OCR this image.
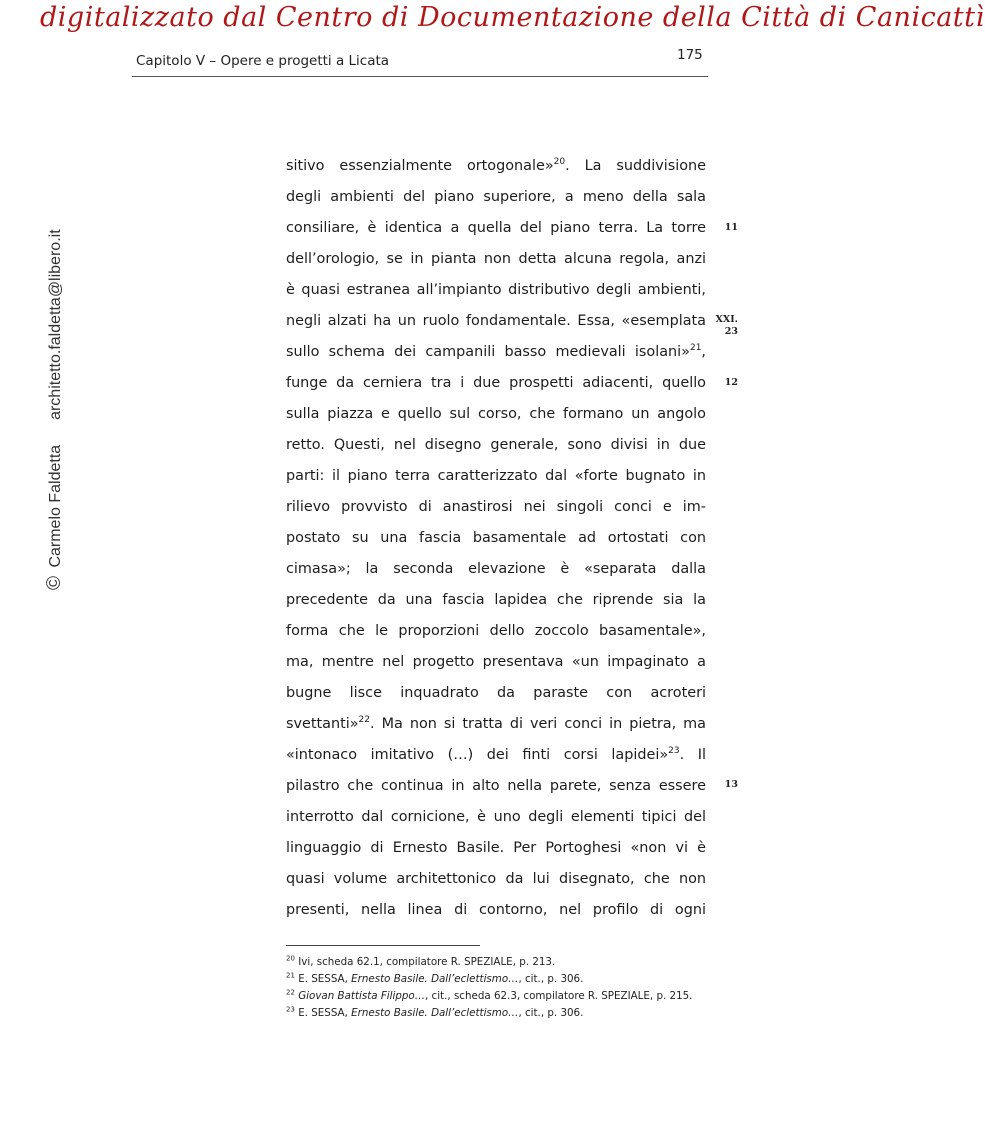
digitalizzato dal Centro di Documentazione della Città di Canicattì
Capitolo V – Opere e progetti a Licata	175
© Carmelo Faldetta  architetto.faldetta@libero.it
sitivo essenzialmente ortogonale»$^{20}$. La suddivisione
degli ambienti del piano superiore, a meno della sala
consiliare, è identica a quella del piano terra. La torre
dell’orologio, se in pianta non detta alcuna regola, anzi
è quasi estranea all’impianto distributivo degli ambienti,
negli alzati ha un ruolo fondamentale. Essa, «esemplata
sullo schema dei campanili basso medievali isolani»$^{21}$,
funge da cerniera tra i due prospetti adiacenti, quello
sulla piazza e quello sul corso, che formano un angolo
retto. Questi, nel disegno generale, sono divisi in due
parti: il piano terra caratterizzato dal «forte bugnato in
rilievo provvisto di anastirosi nei singoli conci e im-
postato su una fascia basamentale ad ortostati con
cimasa»; la seconda elevazione è «separata dalla
precedente da una fascia lapidea che riprende sia la
forma che le proporzioni dello zoccolo basamentale»,
ma, mentre nel progetto presentava «un impaginato a
bugne lisce inquadrato da paraste con acroteri
svettanti»$^{22}$. Ma non si tratta di veri conci in pietra, ma
«intonaco imitativo (…) dei finti corsi lapidei»$^{23}$. Il
pilastro che continua in alto nella parete, senza essere
interrotto dal cornicione, è uno degli elementi tipici del
linguaggio di Ernesto Basile. Per Portoghesi «non vi è
quasi volume architettonico da lui disegnato, che non
presenti, nella linea di contorno, nel profilo di ogni
11
XXI.
23
12
13

$^{20}$ Ivi, scheda 62.1, compilatore R. SPEZIALE, p. 213.

$^{21}$ E. SESSA, Ernesto Basile. Dall’eclettismo…, cit., p. 306.

$^{22}$ Giovan Battista Filippo…, cit., scheda 62.3, compilatore R. SPEZIALE, p. 215.

$^{23}$ E. SESSA, Ernesto Basile. Dall’eclettismo…, cit., p. 306.
